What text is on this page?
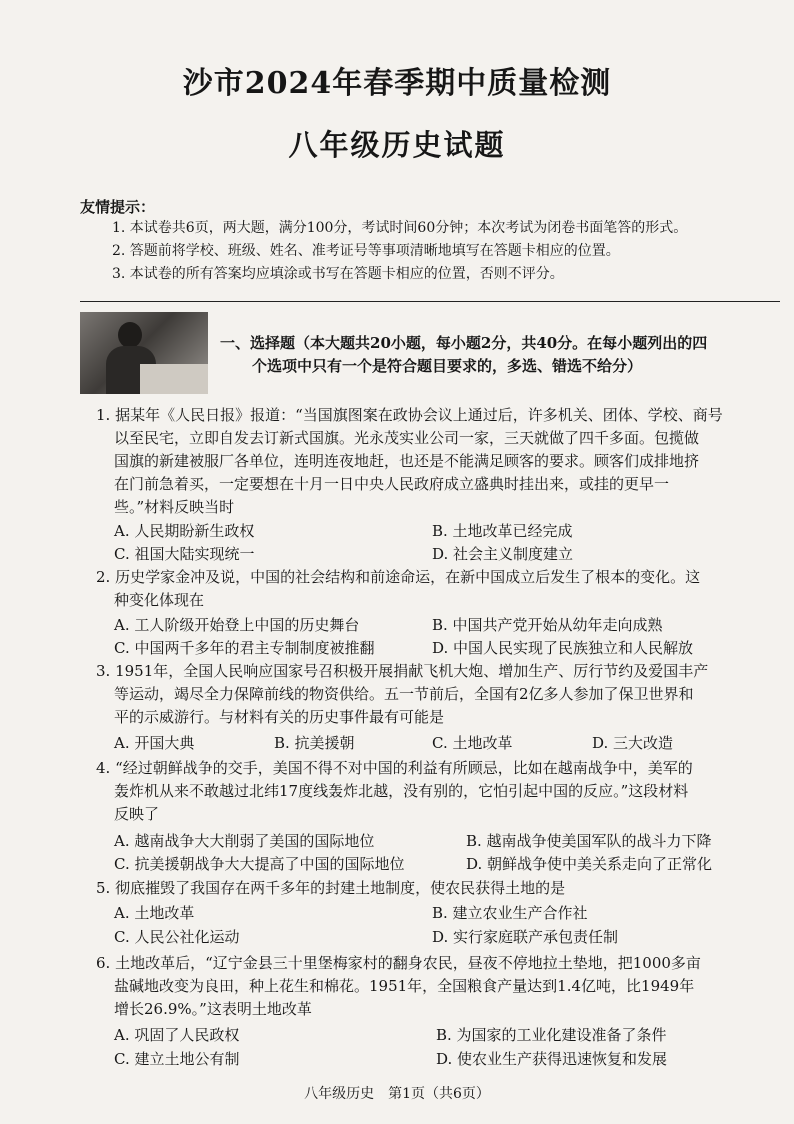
沙市2024年春季期中质量检测
八年级历史试题
友情提示：
1. 本试卷共6页，两大题，满分100分，考试时间60分钟；本次考试为闭卷书面笔答的形式。
2. 答题前将学校、班级、姓名、准考证号等事项清晰地填写在答题卡相应的位置。
3. 本试卷的所有答案均应填涂或书写在答题卡相应的位置，否则不评分。
一、选择题（本大题共20小题，每小题2分，共40分。在每小题列出的四
个选项中只有一个是符合题目要求的，多选、错选不给分）
1. 据某年《人民日报》报道：“当国旗图案在政协会议上通过后，许多机关、团体、学校、商号
以至民宅，立即自发去订新式国旗。光永茂实业公司一家，三天就做了四千多面。包揽做
国旗的新建被服厂各单位，连明连夜地赶，也还是不能满足顾客的要求。顾客们成排地挤
在门前急着买，一定要想在十月一日中央人民政府成立盛典时挂出来，或挂的更早一
些。”材料反映当时
A. 人民期盼新生政权	B. 土地改革已经完成
C. 祖国大陆实现统一	D. 社会主义制度建立
2. 历史学家金冲及说，中国的社会结构和前途命运，在新中国成立后发生了根本的变化。这
种变化体现在
A. 工人阶级开始登上中国的历史舞台	B. 中国共产党开始从幼年走向成熟
C. 中国两千多年的君主专制制度被推翻	D. 中国人民实现了民族独立和人民解放
3. 1951年，全国人民响应国家号召积极开展捐献飞机大炮、增加生产、厉行节约及爱国丰产
等运动，竭尽全力保障前线的物资供给。五一节前后，全国有2亿多人参加了保卫世界和
平的示威游行。与材料有关的历史事件最有可能是
A. 开国大典	B. 抗美援朝	C. 土地改革	D. 三大改造
4. “经过朝鲜战争的交手，美国不得不对中国的利益有所顾忌，比如在越南战争中，美军的
轰炸机从来不敢越过北纬17度线轰炸北越，没有别的，它怕引起中国的反应。”这段材料
反映了
A. 越南战争大大削弱了美国的国际地位	B. 越南战争使美国军队的战斗力下降
C. 抗美援朝战争大大提高了中国的国际地位	D. 朝鲜战争使中美关系走向了正常化
5. 彻底摧毁了我国存在两千多年的封建土地制度，使农民获得土地的是
A. 土地改革	B. 建立农业生产合作社
C. 人民公社化运动	D. 实行家庭联产承包责任制
6. 土地改革后，“辽宁金县三十里堡梅家村的翻身农民，昼夜不停地拉土垫地，把1000多亩
盐碱地改变为良田，种上花生和棉花。1951年，全国粮食产量达到1.4亿吨，比1949年
增长26.9%。”这表明土地改革
A. 巩固了人民政权	B. 为国家的工业化建设准备了条件
C. 建立土地公有制	D. 使农业生产获得迅速恢复和发展
八年级历史　第1页（共6页）
